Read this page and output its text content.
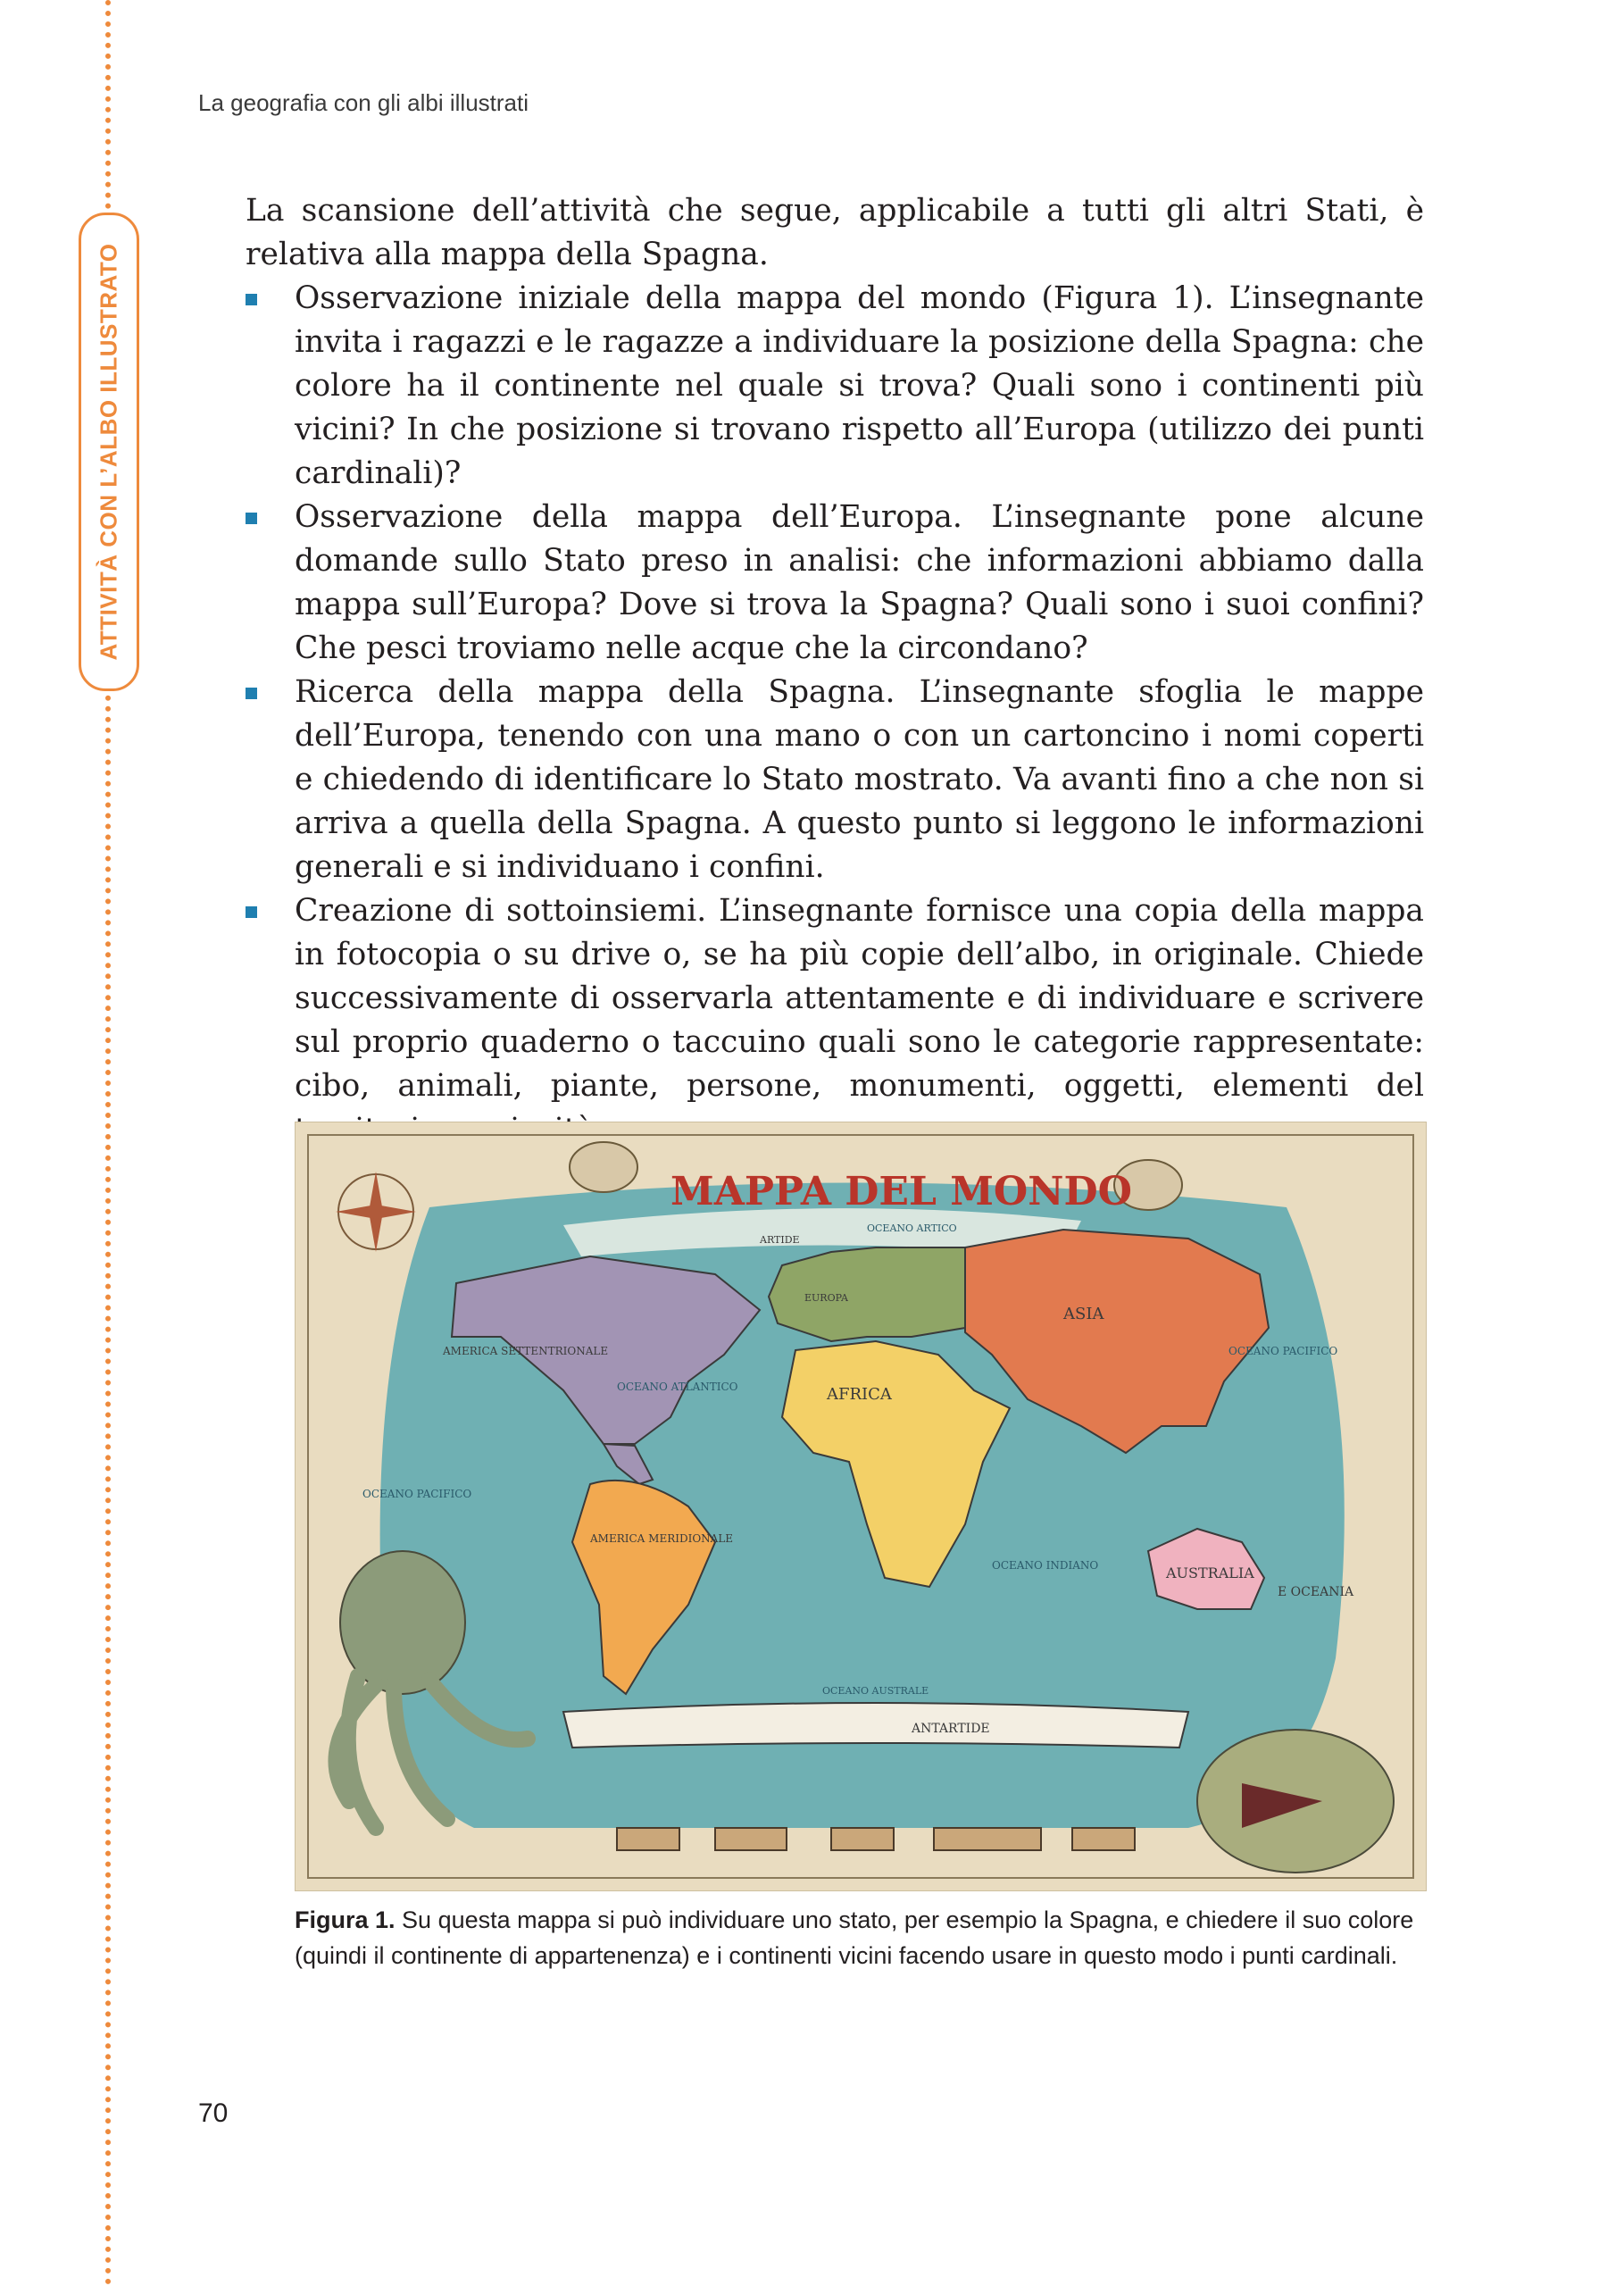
ATTIVITÀ CON L’ALBO ILLUSTRATO
La geografia con gli albi illustrati

La scansione dell’attività che segue, applicabile a tutti gli altri Stati, è relativa alla mappa della Spagna.

Osservazione iniziale della mappa del mondo (Figura 1). L’insegnante invita i ragazzi e le ragazze a individuare la posizione della Spagna: che colore ha il continente nel quale si trova? Quali sono i continenti più vicini? In che posizione si trovano rispetto all’Europa (utilizzo dei punti cardinali)?
Osservazione della mappa dell’Europa. L’insegnante pone alcune domande sullo Stato preso in analisi: che informazioni abbiamo dalla mappa sull’Europa? Dove si trova la Spagna? Quali sono i suoi confini? Che pesci troviamo nelle acque che la circondano?
Ricerca della mappa della Spagna. L’insegnante sfoglia le mappe dell’Europa, tenendo con una mano o con un cartoncino i nomi coperti e chiedendo di identificare lo Stato mostrato. Va avanti fino a che non si arriva a quella della Spagna. A questo punto si leggono le informazioni generali e si individuano i confini.
Creazione di sottoinsiemi. L’insegnante fornisce una copia della mappa in fotocopia o su drive o, se ha più copie dell’albo, in originale. Chiede successivamente di osservarla attentamente e di individuare e scrivere sul proprio quaderno o taccuino quali sono le categorie rappresentate: cibo, animali, piante, persone, monumenti, oggetti, elementi del
MAPPA DEL MONDO
ARTIDE
OCEANO ARTICO
AMERICA SETTENTRIONALE
EUROPA
ASIA
OCEANO ATLANTICO	AFRICA
OCEANO PACIFICO
OCEANO PACIFICO
AMERICA MERIDIONALE
OCEANO INDIANO	AUSTRALIA
E OCEANIA
OCEANO AUSTRALE
ANTARTIDE
Figura 1. Su questa mappa si può individuare uno stato, per esempio la Spagna, e chiedere il suo colore (quindi il continente di appartenenza) e i continenti vicini facendo usare in questo modo i punti cardinali.
70
